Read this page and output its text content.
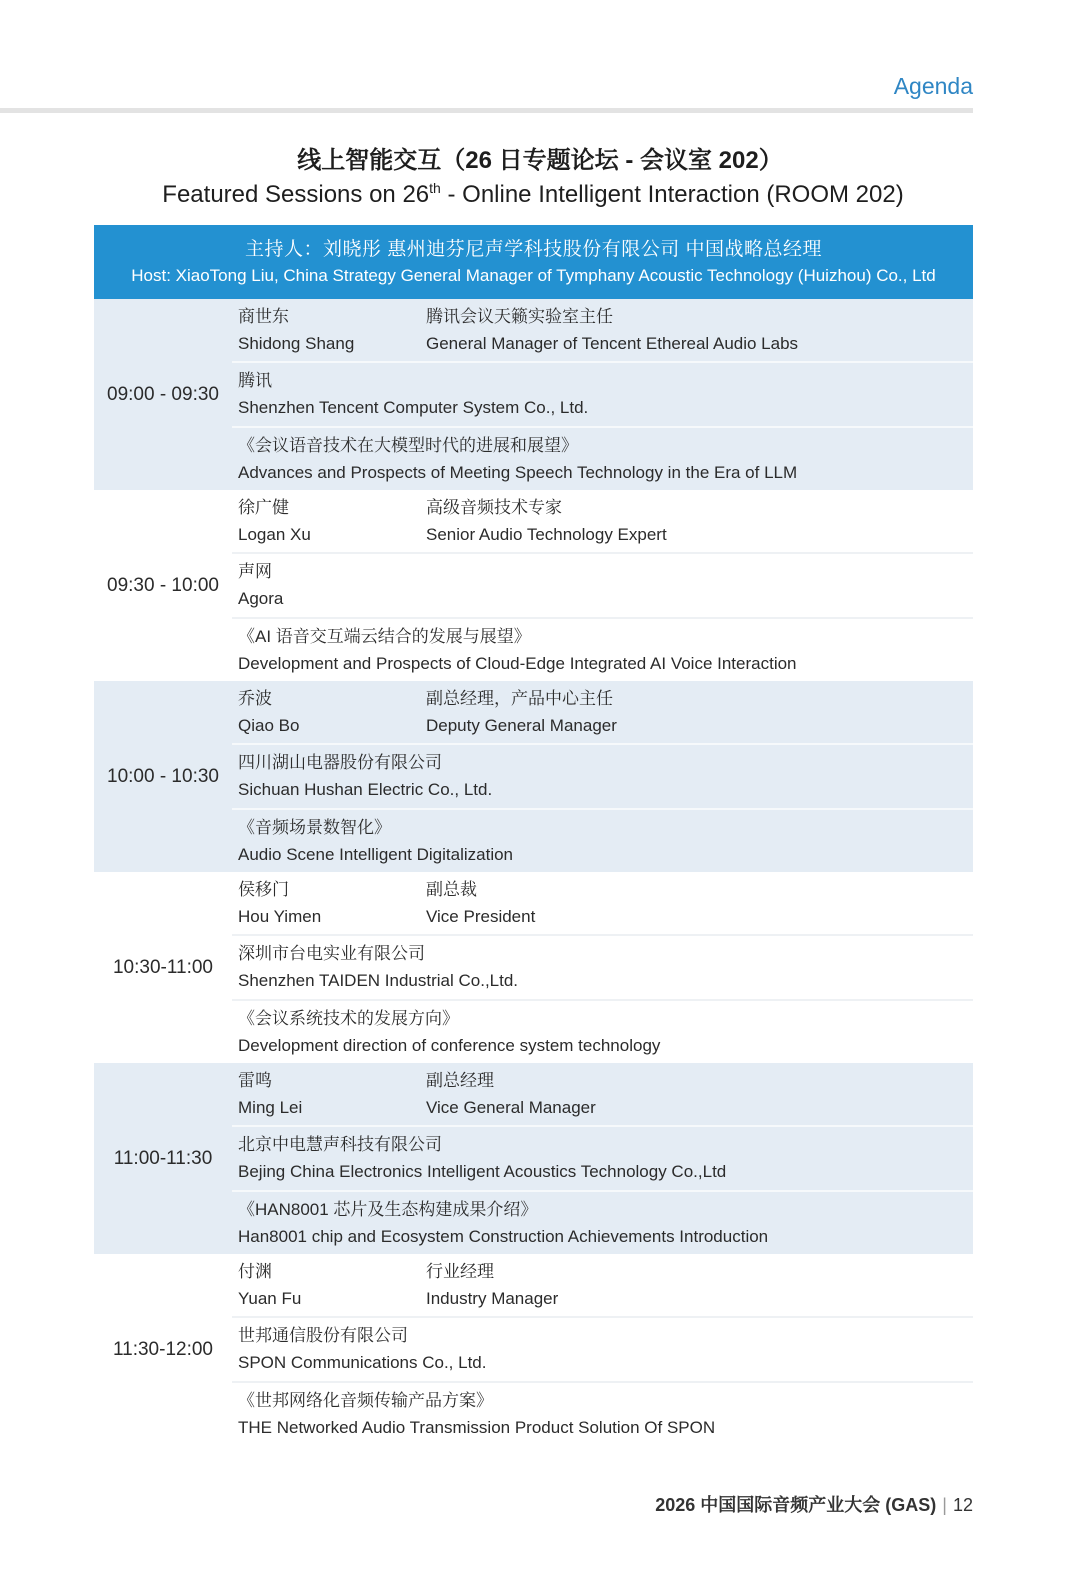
Agenda
线上智能交互（26 日专题论坛 - 会议室 202）
Featured Sessions on 26th - Online Intelligent Interaction (ROOM 202)
主持人：刘晓彤 惠州迪芬尼声学科技股份有限公司 中国战略总经理
Host: XiaoTong Liu, China Strategy General Manager of Tymphany Acoustic Technology (Huizhou) Co., Ltd
09:00 - 09:30
商世东	腾讯会议天籁实验室主任
Shidong Shang	General Manager of Tencent Ethereal Audio Labs
腾讯
Shenzhen Tencent Computer System Co., Ltd.
《会议语音技术在大模型时代的进展和展望》
Advances and Prospects of Meeting Speech Technology in the Era of LLM
09:30 - 10:00
徐广健	高级音频技术专家
Logan Xu	Senior Audio Technology Expert
声网
Agora
《AI 语音交互端云结合的发展与展望》
Development and Prospects of Cloud-Edge Integrated AI Voice Interaction
10:00 - 10:30
乔波	副总经理，产品中心主任
Qiao Bo	Deputy General Manager
四川湖山电器股份有限公司
Sichuan Hushan Electric Co., Ltd.
《音频场景数智化》
Audio Scene Intelligent Digitalization
10:30-11:00
侯移门	副总裁
Hou Yimen	Vice President
深圳市台电实业有限公司
Shenzhen TAIDEN Industrial Co.,Ltd.
《会议系统技术的发展方向》
Development direction of conference system technology
11:00-11:30
雷鸣	副总经理
Ming Lei	Vice General Manager
北京中电慧声科技有限公司
Bejing China Electronics Intelligent Acoustics Technology Co.,Ltd
《HAN8001 芯片及生态构建成果介绍》
Han8001 chip and Ecosystem Construction Achievements Introduction
11:30-12:00
付渊	行业经理
Yuan Fu	Industry Manager
世邦通信股份有限公司
SPON Communications Co., Ltd.
《世邦网络化音频传输产品方案》
THE Networked Audio Transmission Product Solution Of SPON
2026 中国国际音频产业大会 (GAS) | 12
